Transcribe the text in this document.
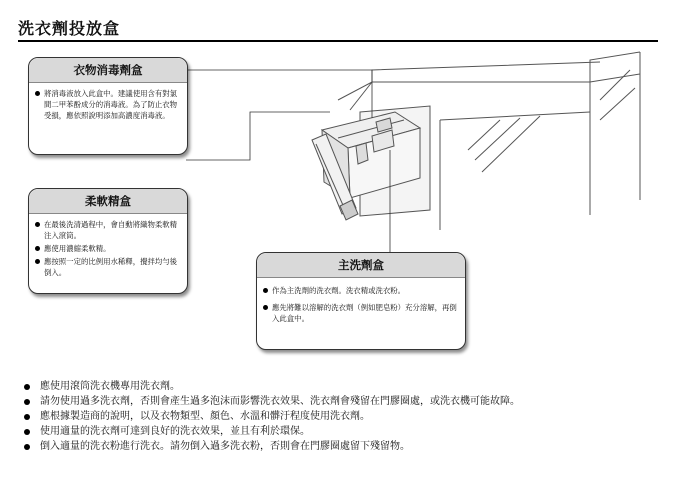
洗衣劑投放盒
衣物消毒劑盒
將消毒液放入此盒中。建議使用含有對氯間二甲苯酚成分的消毒液。為了防止衣物受損，應依照說明添加高濃度消毒液。
柔軟精盒
在最後洗清過程中，會自動將織物柔軟精注入滾筒。
應使用濃縮柔軟精。
應按照一定的比例用水稀釋，攪拌均勻後倒入。
主洗劑盒
作為主洗劑的洗衣劑。洗衣精或洗衣粉。
應先將難以溶解的洗衣劑（例如肥皂粉）充分溶解，再倒入此盒中。
應使用滾筒洗衣機專用洗衣劑。
請勿使用過多洗衣劑，否則會產生過多泡沫而影響洗衣效果、洗衣劑會殘留在門膠圈處，或洗衣機可能故障。
應根據製造商的說明，以及衣物類型、顏色、水溫和髒汙程度使用洗衣劑。
使用適量的洗衣劑可達到良好的洗衣效果，並且有利於環保。
倒入適量的洗衣粉進行洗衣。請勿倒入過多洗衣粉，否則會在門膠圈處留下殘留物。
